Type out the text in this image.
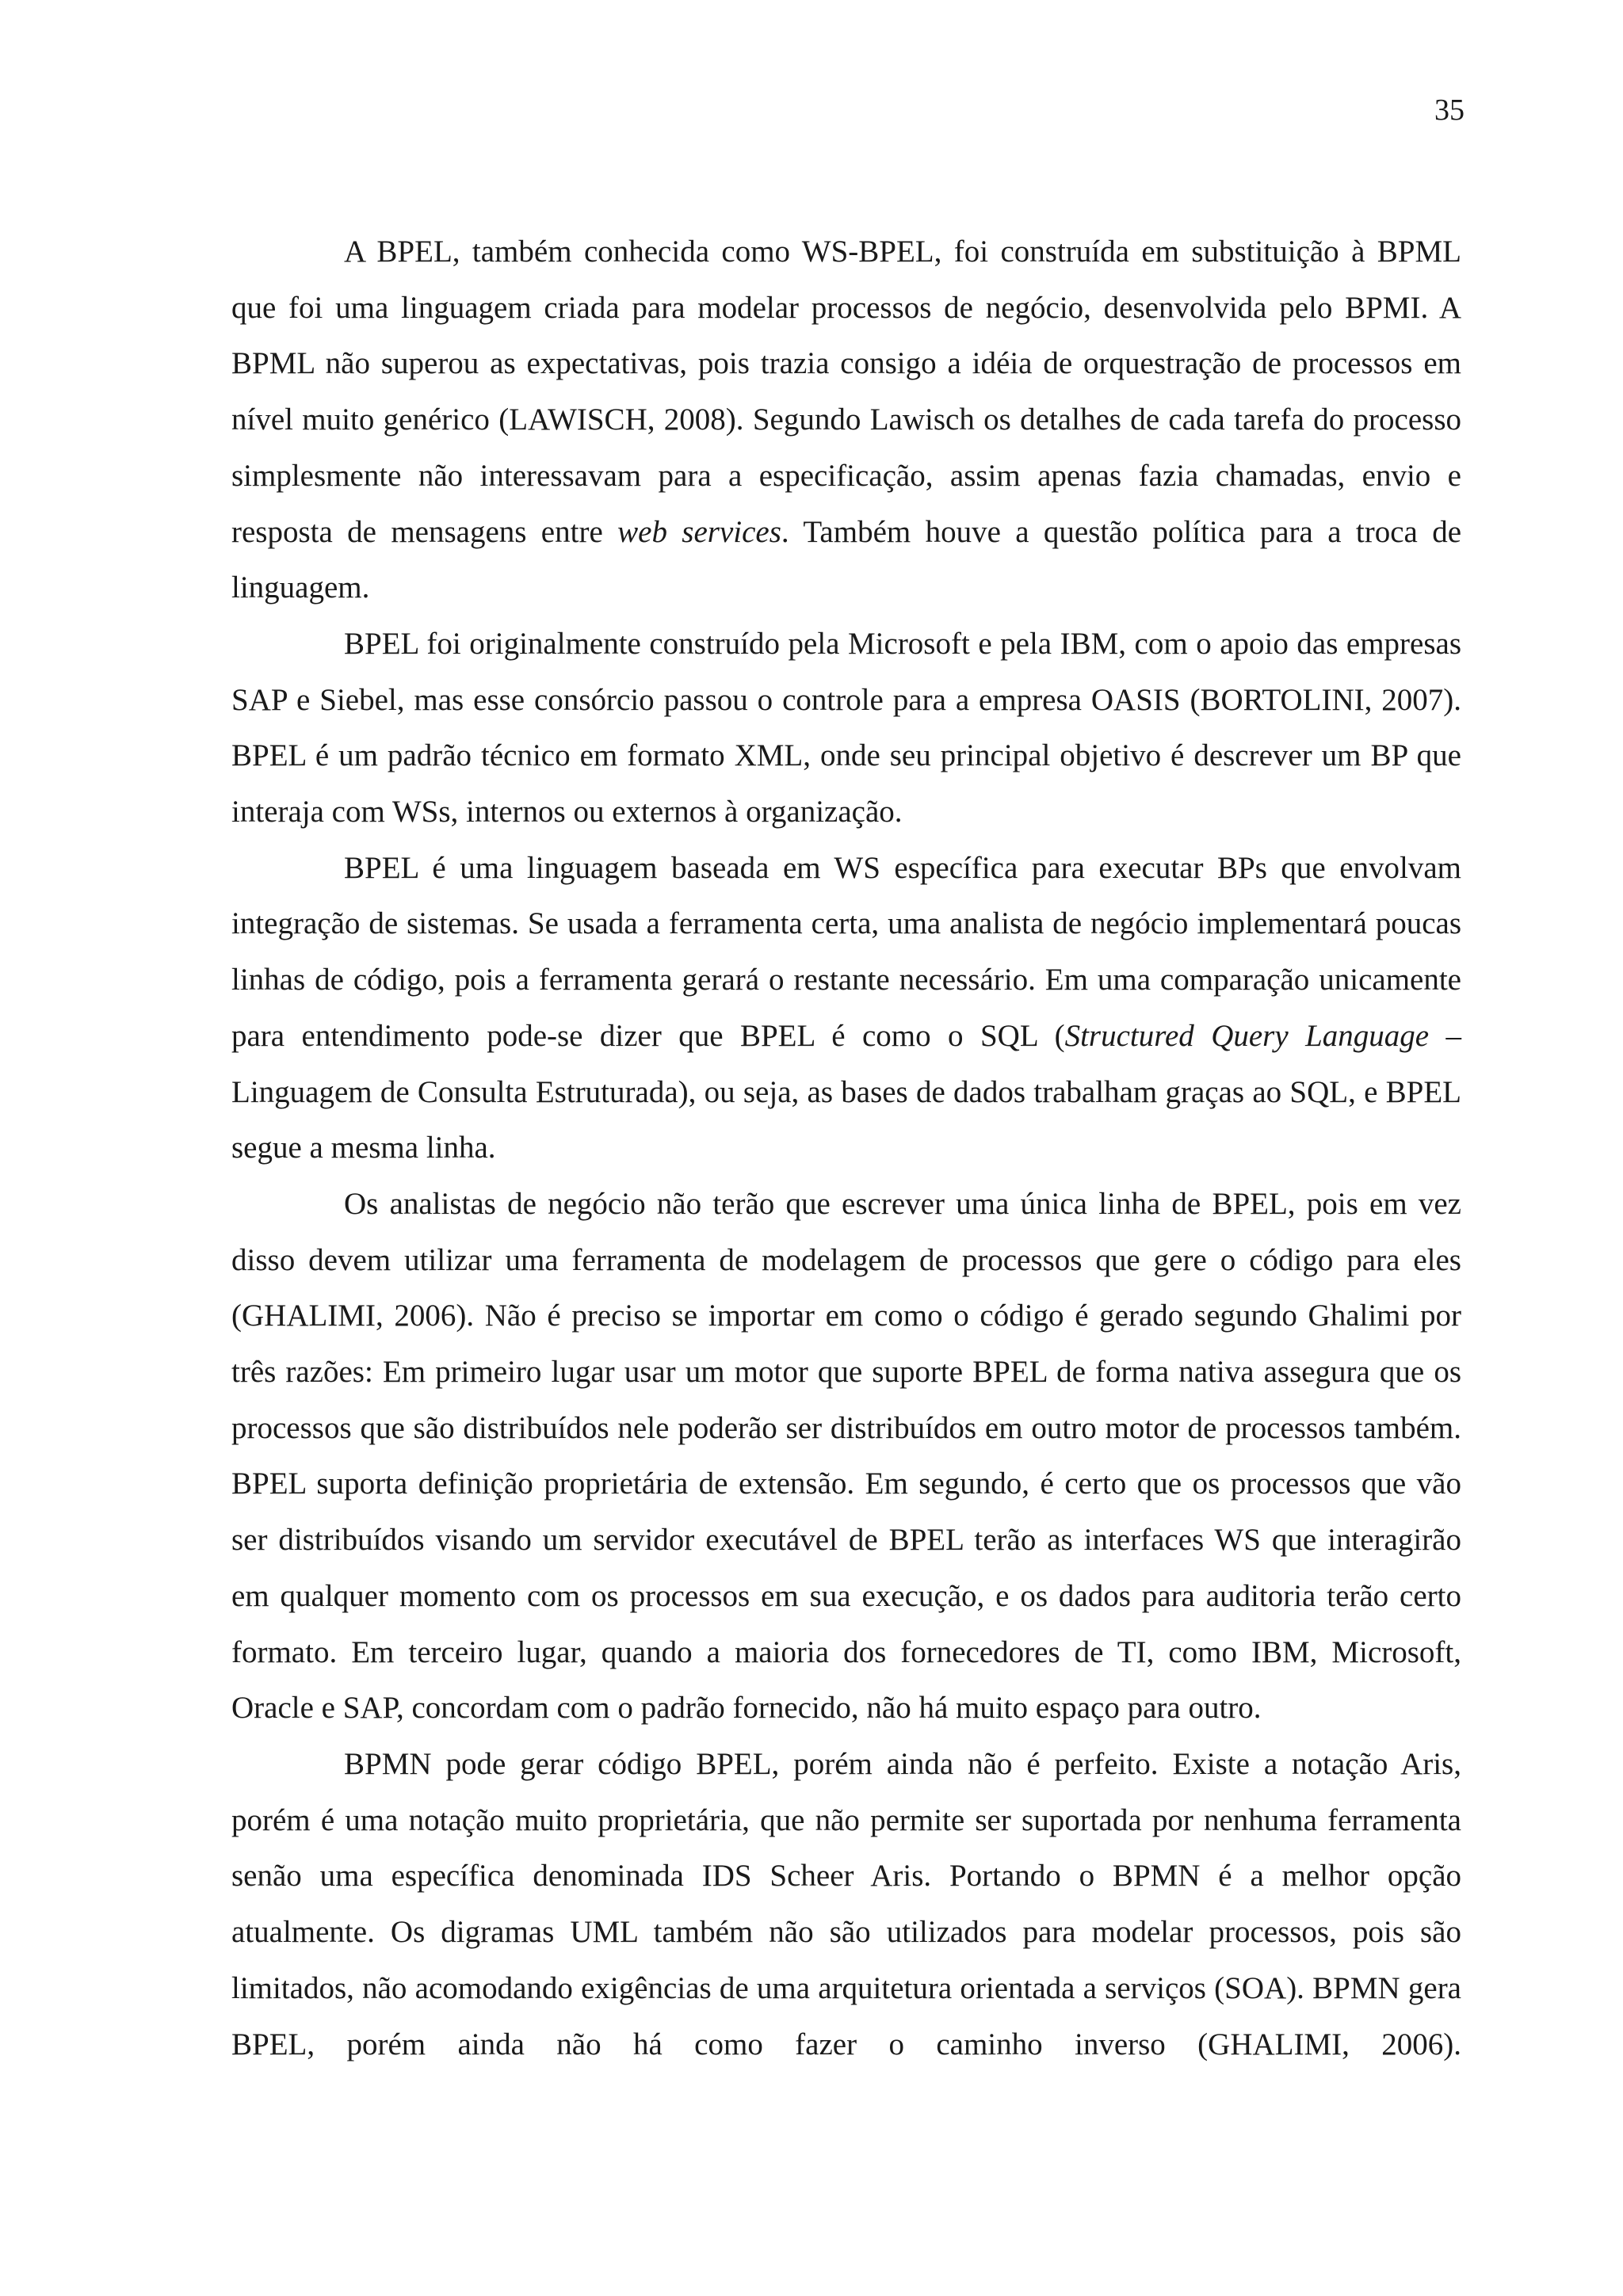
35

A BPEL, também conhecida como WS-BPEL, foi construída em substituição à BPML que foi uma linguagem criada para modelar processos de negócio, desenvolvida pelo BPMI. A BPML não superou as expectativas, pois trazia consigo a idéia de orquestração de processos em nível muito genérico (LAWISCH, 2008). Segundo Lawisch os detalhes de cada tarefa do processo simplesmente não interessavam para a especificação, assim apenas fazia chamadas, envio e resposta de mensagens entre web services. Também houve a questão política para a troca de linguagem.

BPEL foi originalmente construído pela Microsoft e pela IBM, com o apoio das empresas SAP e Siebel, mas esse consórcio passou o controle para a empresa OASIS (BORTOLINI, 2007). BPEL é um padrão técnico em formato XML, onde seu principal objetivo é descrever um BP que interaja com WSs, internos ou externos à organização.

BPEL é uma linguagem baseada em WS específica para executar BPs que envolvam integração de sistemas. Se usada a ferramenta certa, uma analista de negócio implementará poucas linhas de código, pois a ferramenta gerará o restante necessário. Em uma comparação unicamente para entendimento pode-se dizer que BPEL é como o SQL (Structured Query Language – Linguagem de Consulta Estruturada), ou seja, as bases de dados trabalham graças ao SQL, e BPEL segue a mesma linha.

Os analistas de negócio não terão que escrever uma única linha de BPEL, pois em vez disso devem utilizar uma ferramenta de modelagem de processos que gere o código para eles (GHALIMI, 2006). Não é preciso se importar em como o código é gerado segundo Ghalimi por três razões: Em primeiro lugar usar um motor que suporte BPEL de forma nativa assegura que os processos que são distribuídos nele poderão ser distribuídos em outro motor de processos também. BPEL suporta definição proprietária de extensão. Em segundo, é certo que os processos que vão ser distribuídos visando um servidor executável de BPEL terão as interfaces WS que interagirão em qualquer momento com os processos em sua execução, e os dados para auditoria terão certo formato. Em terceiro lugar, quando a maioria dos fornecedores de TI, como IBM, Microsoft, Oracle e SAP, concordam com o padrão fornecido, não há muito espaço para outro.

BPMN pode gerar código BPEL, porém ainda não é perfeito. Existe a notação Aris, porém é uma notação muito proprietária, que não permite ser suportada por nenhuma ferramenta senão uma específica denominada IDS Scheer Aris. Portando o BPMN é a melhor opção atualmente. Os digramas UML também não são utilizados para modelar processos, pois são limitados, não acomodando exigências de uma arquitetura orientada a serviços (SOA). BPMN gera BPEL, porém ainda não há como fazer o caminho inverso (GHALIMI, 2006).
